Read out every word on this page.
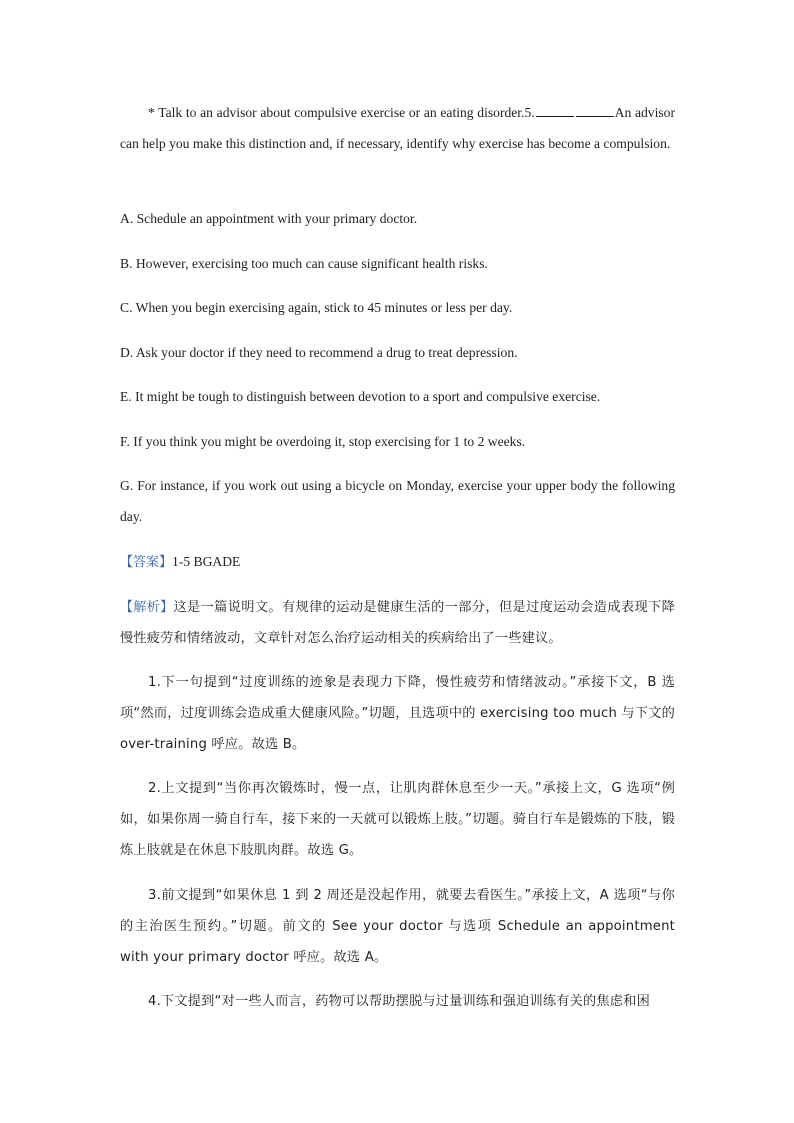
* Talk to an advisor about compulsive exercise or an eating disorder.5.	An advisor can help you make this distinction and, if necessary, identify why exercise has become a compulsion.

A. Schedule an appointment with your primary doctor.

B. However, exercising too much can cause significant health risks.

C. When you begin exercising again, stick to 45 minutes or less per day.

D. Ask your doctor if they need to recommend a drug to treat depression.

E. It might be tough to distinguish between devotion to a sport and compulsive exercise.

F. If you think you might be overdoing it, stop exercising for 1 to 2 weeks.

G. For instance, if you work out using a bicycle on Monday, exercise your upper body the following day.

【答案】1-5 BGADE

【解析】这是一篇说明文。有规律的运动是健康生活的一部分，但是过度运动会造成表现下降慢性疲劳和情绪波动，文章针对怎么治疗运动相关的疾病给出了一些建议。

1.下一句提到“过度训练的迹象是表现力下降，慢性疲劳和情绪波动。”承接下文，B 选项“然而，过度训练会造成重大健康风险。”切题，且选项中的 exercising too much 与下文的 over-training 呼应。故选 B。

2.上文提到“当你再次锻炼时，慢一点，让肌肉群休息至少一天。”承接上文，G 选项“例如，如果你周一骑自行车，接下来的一天就可以锻炼上肢。”切题。骑自行车是锻炼的下肢，锻炼上肢就是在休息下肢肌肉群。故选 G。

3.前文提到“如果休息 1 到 2 周还是没起作用，就要去看医生。”承接上文，A 选项“与你的主治医生预约。”切题。前文的 See your doctor 与选项 Schedule an appointment with your primary doctor 呼应。故选 A。

4.下文提到“对一些人而言，药物可以帮助摆脱与过量训练和强迫训练有关的焦虑和困
